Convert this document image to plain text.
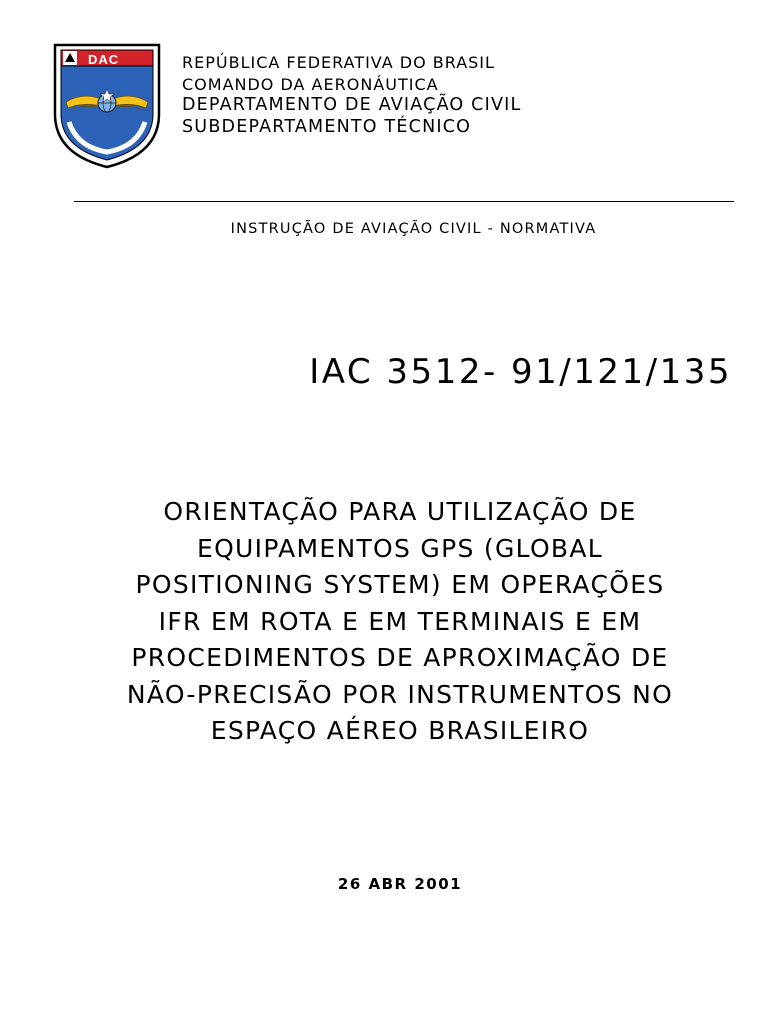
DAC	REPÚBLICA FEDERATIVA DO BRASIL
COMANDO DA AERONÁUTICA
DEPARTAMENTO DE AVIAÇÃO CIVIL
SUBDEPARTAMENTO TÉCNICO
INSTRUÇÃO DE AVIAÇÃO CIVIL - NORMATIVA
IAC 3512- 91/121/135
ORIENTAÇÃO PARA UTILIZAÇÃO DE
EQUIPAMENTOS GPS (GLOBAL
POSITIONING SYSTEM) EM OPERAÇÕES
IFR EM ROTA E EM TERMINAIS E EM
PROCEDIMENTOS DE APROXIMAÇÃO DE
NÃO-PRECISÃO POR INSTRUMENTOS NO
ESPAÇO AÉREO BRASILEIRO
26 ABR 2001
